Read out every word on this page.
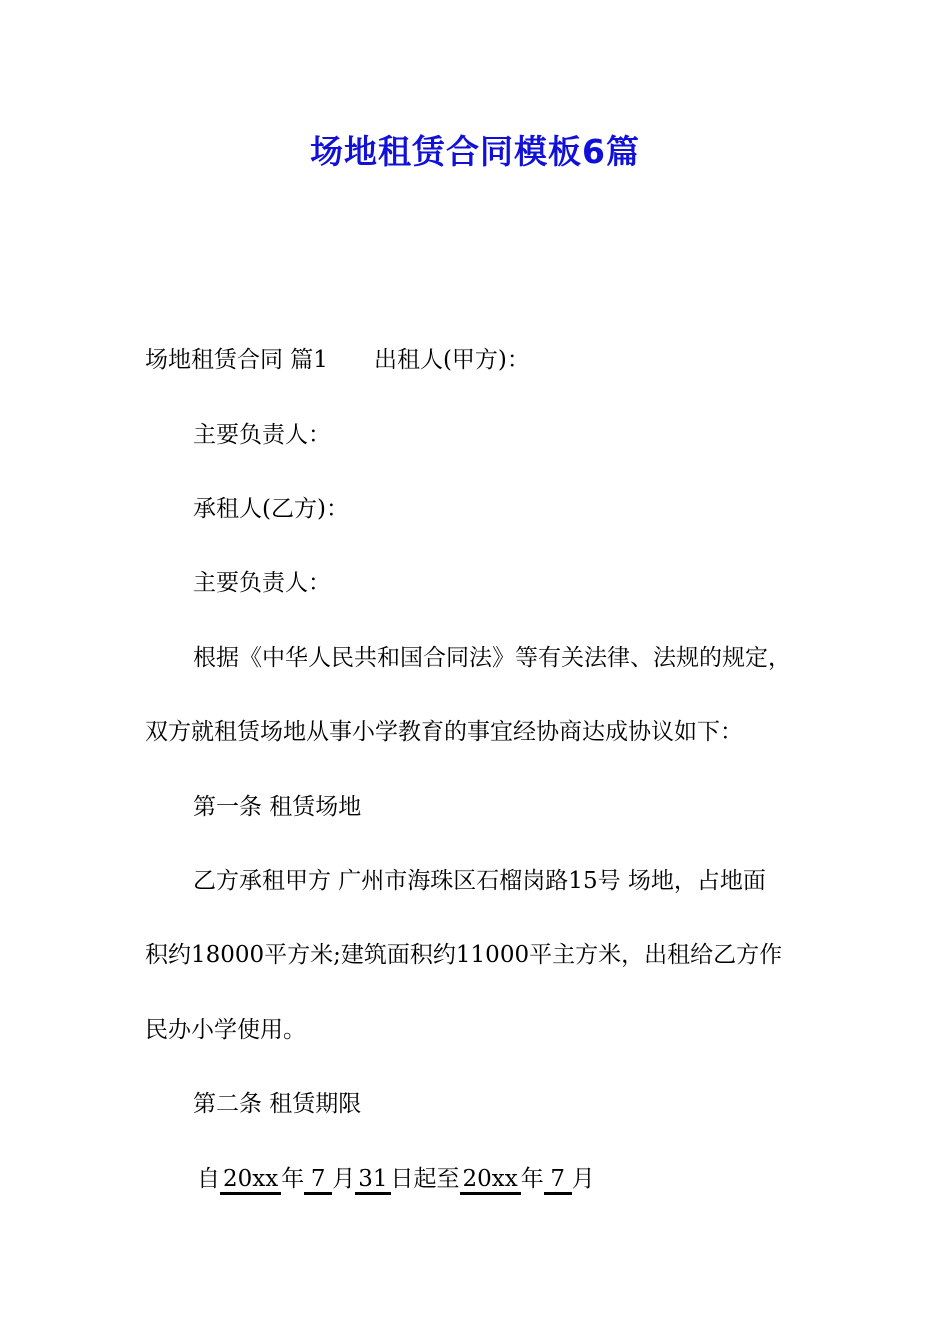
场地租赁合同模板6篇
场地租赁合同 篇1 出租人(甲方)：
主要负责人：
承租人(乙方)：
主要负责人：
根据《中华人民共和国合同法》等有关法律、法规的规定，
双方就租赁场地从事小学教育的事宜经协商达成协议如下：
第一条 租赁场地
乙方承租甲方 广州市海珠区石榴岗路15号 场地，占地面
积约18000平方米;建筑面积约11000平主方米，出租给乙方作
民办小学使用。
第二条 租赁期限
自 20xx 年 7 月 31 日起至 20xx 年 7 月
